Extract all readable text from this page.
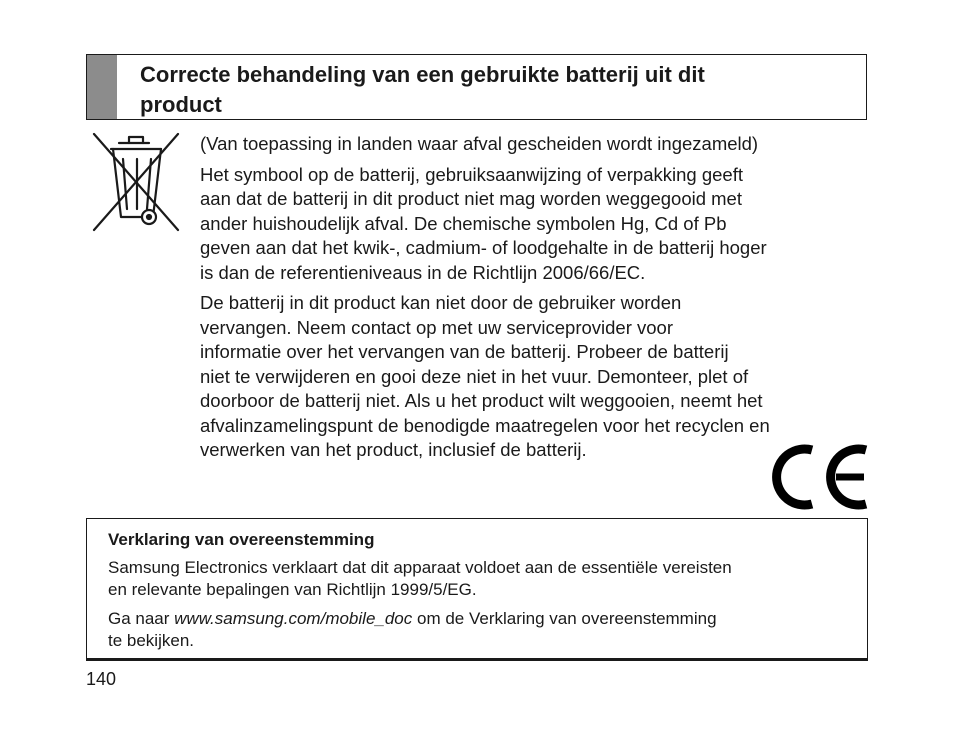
Correcte behandeling van een gebruikte batterij uit dit
product

(Van toepassing in landen waar afval gescheiden wordt ingezameld)

Het symbool op de batterij, gebruiksaanwijzing of verpakking geeft
aan dat de batterij in dit product niet mag worden weggegooid met
ander huishoudelijk afval. De chemische symbolen Hg, Cd of Pb
geven aan dat het kwik-, cadmium- of loodgehalte in de batterij hoger
is dan de referentieniveaus in de Richtlijn 2006/66/EC.

De batterij in dit product kan niet door de gebruiker worden
vervangen. Neem contact op met uw serviceprovider voor
informatie over het vervangen van de batterij. Probeer de batterij
niet te verwijderen en gooi deze niet in het vuur. Demonteer, plet of
doorboor de batterij niet. Als u het product wilt weggooien, neemt het
afvalinzamelingspunt de benodigde maatregelen voor het recyclen en
verwerken van het product, inclusief de batterij.

Verklaring van overeenstemming

Samsung Electronics verklaart dat dit apparaat voldoet aan de essentiële vereisten
en relevante bepalingen van Richtlijn 1999/5/EG.

Ga naar www.samsung.com/mobile_doc om de Verklaring van overeenstemming
te bekijken.

140
